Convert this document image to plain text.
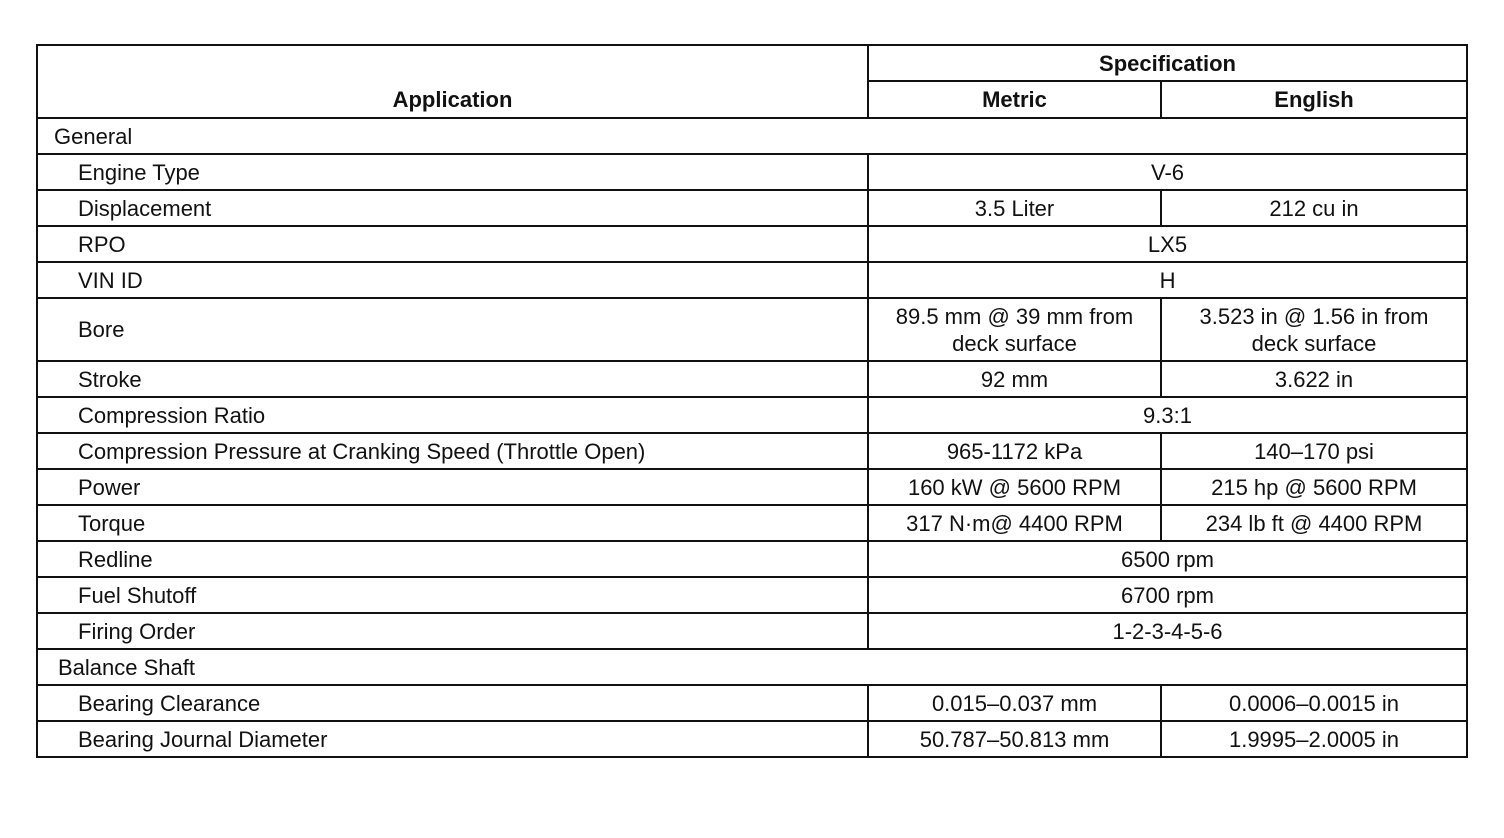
Application	Specification	
	Metric	English
General		
Engine Type	V-6	
Displacement	3.5 Liter	212 cu in
RPO	LX5	
VIN ID	H	
Bore	89.5 mm @ 39 mm from deck surface	3.523 in @ 1.56 in from deck surface
Stroke	92 mm	3.622 in
Compression Ratio	9.3:1	
Compression Pressure at Cranking Speed (Throttle Open)	965-1172 kPa	140–170 psi
Power	160 kW @ 5600 RPM	215 hp @ 5600 RPM
Torque	317 N·m@ 4400 RPM	234 lb ft @ 4400 RPM
Redline	6500 rpm	
Fuel Shutoff	6700 rpm	
Firing Order	1-2-3-4-5-6	
Balance Shaft		
Bearing Clearance	0.015–0.037 mm	0.0006–0.0015 in
Bearing Journal Diameter	50.787–50.813 mm	1.9995–2.0005 in
